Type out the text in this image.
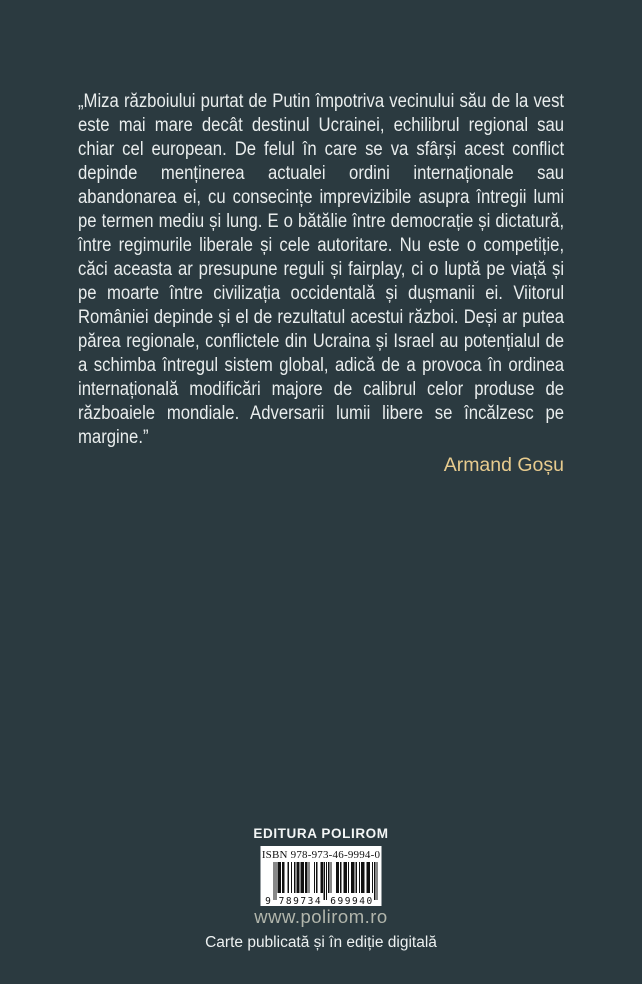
„Miza războiului purtat de Putin împotriva vecinului său de la vest este mai mare decât destinul Ucrainei, echilibrul regional sau chiar cel european. De felul în care se va sfârși acest conflict depinde menținerea actualei ordini internaționale sau abandonarea ei, cu consecințe imprevizibile asupra întregii lumi pe termen mediu și lung. E o bătălie între democrație și dictatură, între regimurile liberale și cele autoritare. Nu este o competiție, căci aceasta ar presupune reguli și fairplay, ci o luptă pe viață și pe moarte între civilizația occidentală și dușmanii ei. Viitorul României depinde și el de rezultatul acestui război. Deși ar putea părea regionale, conflictele din Ucraina și Israel au potențialul de a schimba întregul sistem global, adică de a provoca în ordinea internațională modificări majore de calibrul celor produse de războaiele mondiale. Adversarii lumii libere se încălzesc pe margine.”

Armand Goșu
EDITURA POLIROM
ISBN 978-973-46-9994-0
9 789734 699940
www.polirom.ro
Carte publicată și în ediție digitală
